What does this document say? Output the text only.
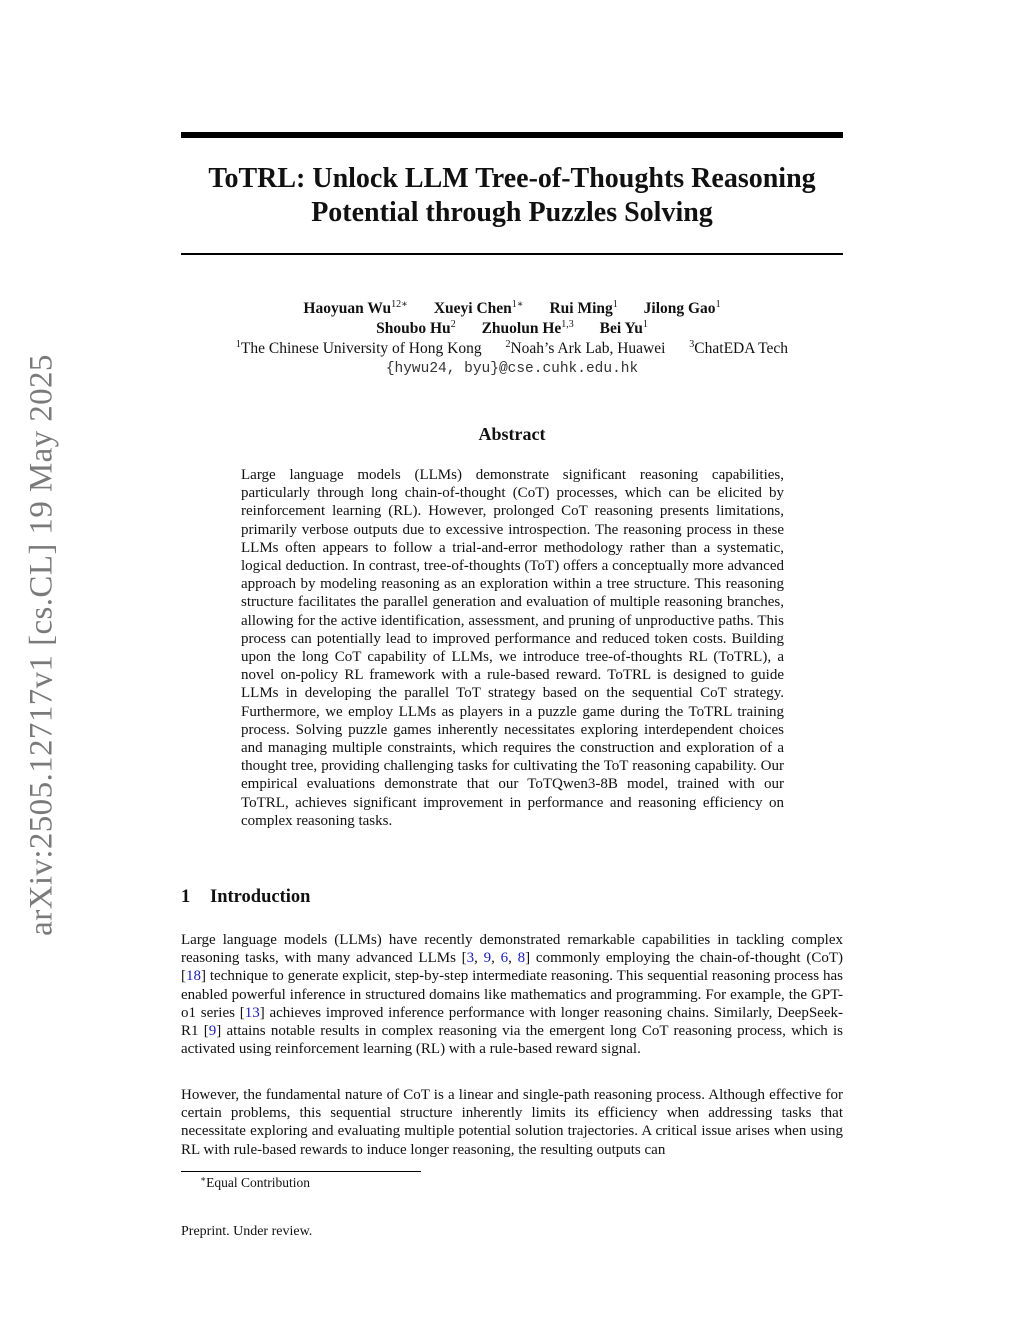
arXiv:2505.12717v1 [cs.CL] 19 May 2025
ToTRL: Unlock LLM Tree-of-Thoughts Reasoning
Potential through Puzzles Solving
Haoyuan $Wu^{12∗}$ Xueyi Chen$^{1∗}$ Rui Ming$^1$ Jilong Gao$^1$
Shoubo Hu$^2$ Zhuolun He$^{1,3}$ Bei Yu$^1$
$^1$The Chinese University of Hong Kong $^2$Noah’s Ark Lab, Huawei $^3$ChatEDA Tech
{hywu24, byu}@cse.cuhk.edu.hk
Abstract

Large language models (LLMs) demonstrate significant reasoning capabilities, particularly through long chain-of-thought (CoT) processes, which can be elicited by reinforcement learning (RL). However, prolonged CoT reasoning presents limitations, primarily verbose outputs due to excessive introspection. The reasoning process in these LLMs often appears to follow a trial-and-error methodology rather than a systematic, logical deduction. In contrast, tree-of-thoughts (ToT) offers a conceptually more advanced approach by modeling reasoning as an exploration within a tree structure. This reasoning structure facilitates the parallel generation and evaluation of multiple reasoning branches, allowing for the active identification, assessment, and pruning of unproductive paths. This process can potentially lead to improved performance and reduced token costs. Building upon the long CoT capability of LLMs, we introduce tree-of-thoughts RL (ToTRL), a novel on-policy RL framework with a rule-based reward. ToTRL is designed to guide LLMs in developing the parallel ToT strategy based on the sequential CoT strategy. Furthermore, we employ LLMs as players in a puzzle game during the ToTRL training process. Solving puzzle games inherently necessitates exploring interdependent choices and managing multiple constraints, which requires the construction and exploration of a thought tree, providing challenging tasks for cultivating the ToT reasoning capability. Our empirical evaluations demonstrate that our ToTQwen3-8B model, trained with our ToTRL, achieves significant improvement in performance and reasoning efficiency on complex reasoning tasks.

1 Introduction

Large language models (LLMs) have recently demonstrated remarkable capabilities in tackling complex reasoning tasks, with many advanced LLMs [3, 9, 6, 8] commonly employing the chain-of-thought (CoT) [18] technique to generate explicit, step-by-step intermediate reasoning. This sequential reasoning process has enabled powerful inference in structured domains like mathematics and programming. For example, the GPT-o1 series [13] achieves improved inference performance with longer reasoning chains. Similarly, DeepSeek-R1 [9] attains notable results in complex reasoning via the emergent long CoT reasoning process, which is activated using reinforcement learning (RL) with a rule-based reward signal.

However, the fundamental nature of CoT is a linear and single-path reasoning process. Although effective for certain problems, this sequential structure inherently limits its efficiency when addressing tasks that necessitate exploring and evaluating multiple potential solution trajectories. A critical issue arises when using RL with rule-based rewards to induce longer reasoning, the resulting outputs can

∗Equal Contribution
Preprint. Under review.
